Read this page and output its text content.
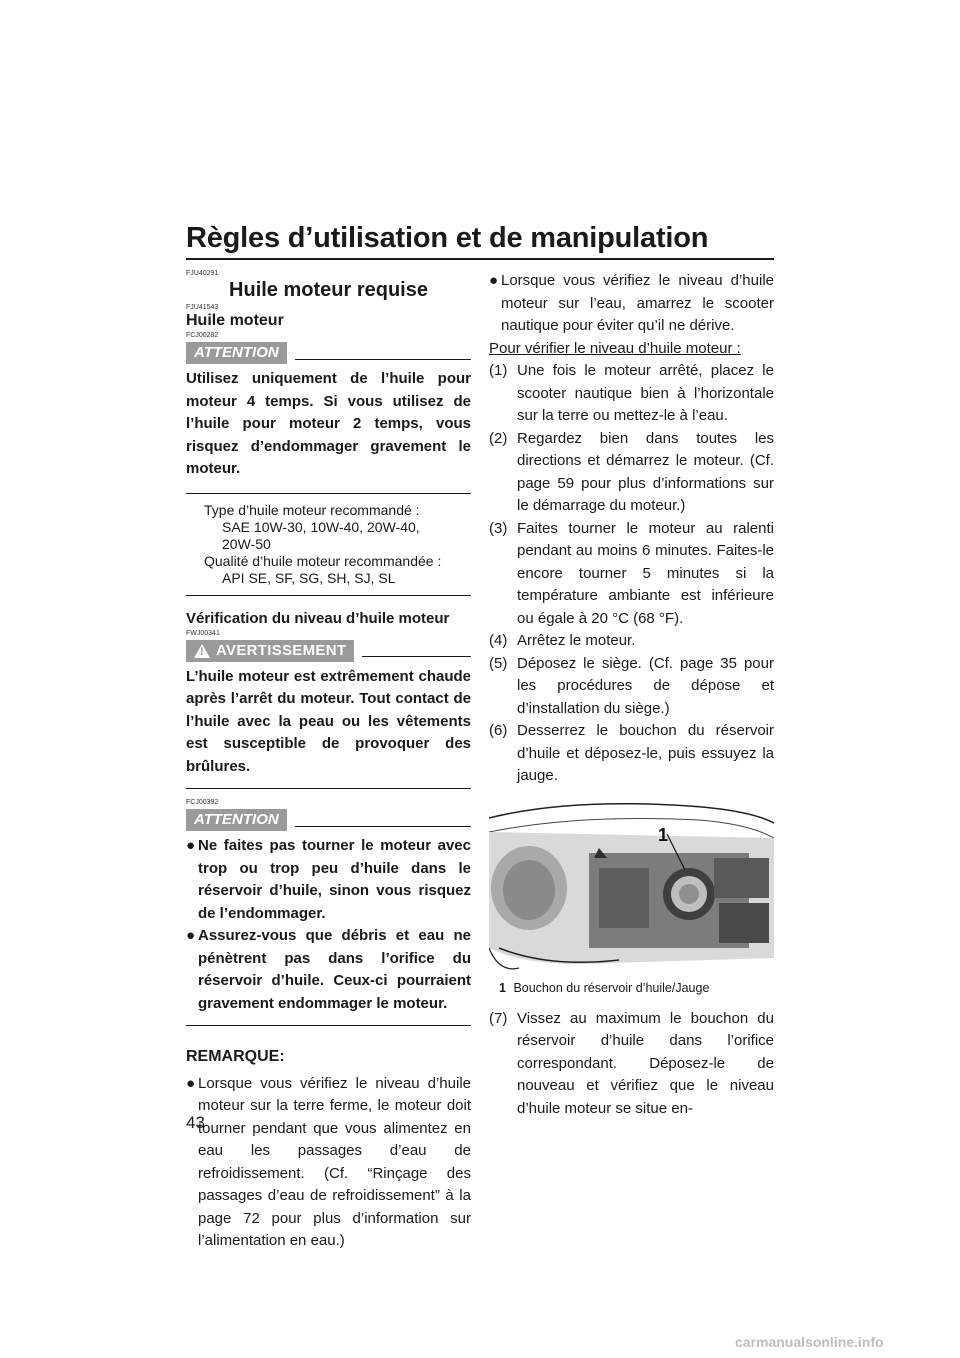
Règles d’utilisation et de manipulation
FJU40291
Huile moteur requise
FJU41543
Huile moteur
FCJ00282
ATTENTION
Utilisez uniquement de l’huile pour moteur 4 temps. Si vous utilisez de l’huile pour moteur 2 temps, vous risquez d’endommager gravement le moteur.
Type d’huile moteur recommandé :
SAE 10W-30, 10W-40, 20W-40,
20W-50
Qualité d’huile moteur recommandée :
API SE, SF, SG, SH, SJ, SL
Vérification du niveau d’huile moteur
FWJ00341
! AVERTISSEMENT
L’huile moteur est extrêmement chaude après l’arrêt du moteur. Tout contact de l’huile avec la peau ou les vêtements est susceptible de provoquer des brûlures.
FCJ00392
ATTENTION
● Ne faites pas tourner le moteur avec trop ou trop peu d’huile dans le réservoir d’huile, sinon vous risquez de l’endommager.
● Assurez-vous que débris et eau ne pénètrent pas dans l’orifice du réservoir d’huile. Ceux-ci pourraient gravement endommager le moteur.
REMARQUE:
● Lorsque vous vérifiez le niveau d’huile moteur sur la terre ferme, le moteur doit tourner pendant que vous alimentez en eau les passages d’eau de refroidissement. (Cf. “Rinçage des passages d’eau de refroidissement” à la page 72 pour plus d’information sur l’alimentation en eau.)
● Lorsque vous vérifiez le niveau d’huile moteur sur l’eau, amarrez le scooter nautique pour éviter qu’il ne dérive.
Pour vérifier le niveau d’huile moteur :
(1) Une fois le moteur arrêté, placez le scooter nautique bien à l’horizontale sur la terre ou mettez-le à l’eau.
(2) Regardez bien dans toutes les directions et démarrez le moteur. (Cf. page 59 pour plus d’informations sur le démarrage du moteur.)
(3) Faites tourner le moteur au ralenti pendant au moins 6 minutes. Faites-le encore tourner 5 minutes si la température ambiante est inférieure ou égale à 20 °C (68 °F).
(4) Arrêtez le moteur.
(5) Déposez le siège. (Cf. page 35 pour les procédures de dépose et d’installation du siège.)
(6) Desserrez le bouchon du réservoir d’huile et déposez-le, puis essuyez la jauge.
1
1 Bouchon du réservoir d’huile/Jauge
(7) Vissez au maximum le bouchon du réservoir d’huile dans l’orifice correspondant. Déposez-le de nouveau et vérifiez que le niveau d’huile moteur se situe en-
43
carmanualsonline.info
